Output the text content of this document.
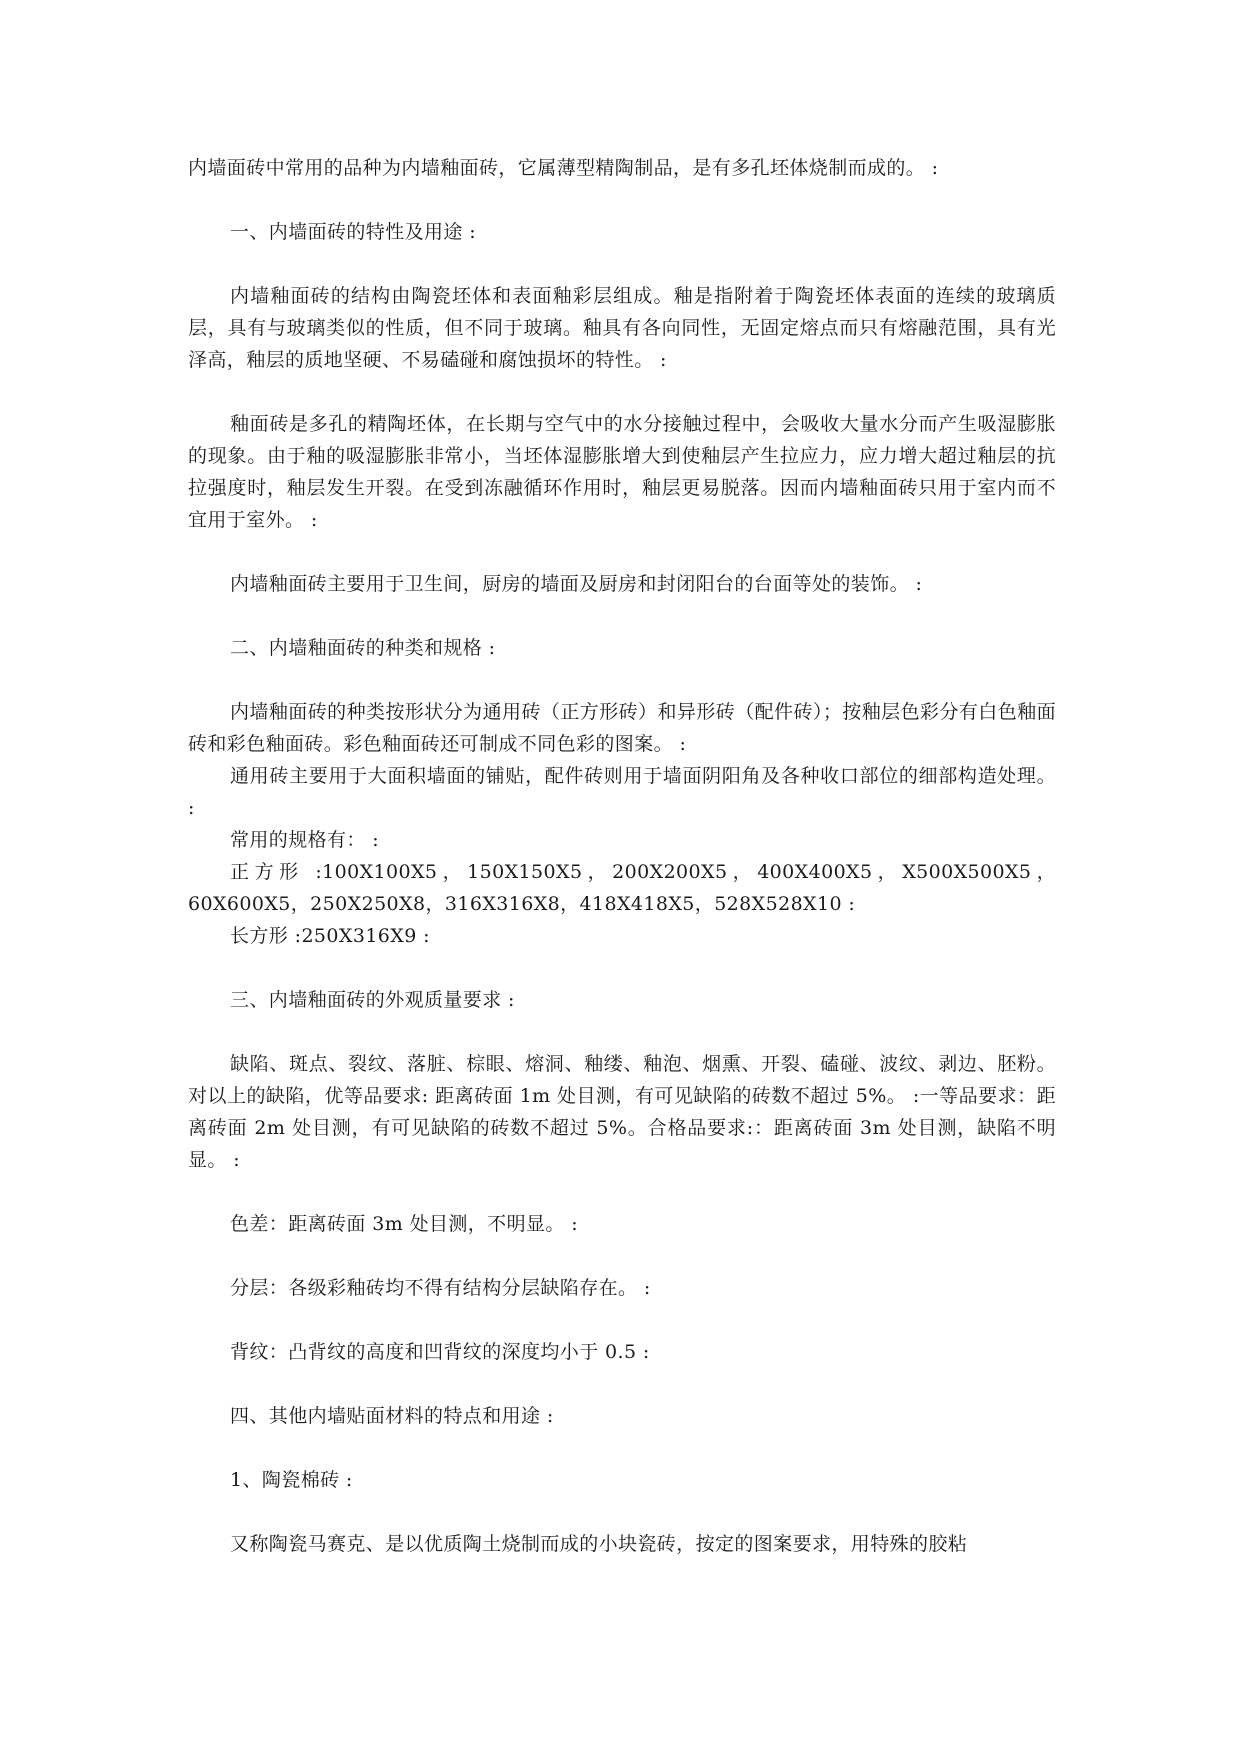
内墙面砖中常用的品种为内墙釉面砖，它属薄型精陶制品，是有多孔坯体烧制而成的。 :

一、内墙面砖的特性及用途 :

内墙釉面砖的结构由陶瓷坯体和表面釉彩层组成。釉是指附着于陶瓷坯体表面的连续的玻璃质层，具有与玻璃类似的性质，但不同于玻璃。釉具有各向同性，无固定熔点而只有熔融范围，具有光泽高，釉层的质地坚硬、不易磕碰和腐蚀损坏的特性。 :

釉面砖是多孔的精陶坯体，在长期与空气中的水分接触过程中，会吸收大量水分而产生吸湿膨胀的现象。由于釉的吸湿膨胀非常小，当坯体湿膨胀增大到使釉层产生拉应力，应力增大超过釉层的抗拉强度时，釉层发生开裂。在受到冻融循环作用时，釉层更易脱落。因而内墙釉面砖只用于室内而不宜用于室外。 :

内墙釉面砖主要用于卫生间，厨房的墙面及厨房和封闭阳台的台面等处的装饰。 :

二、内墙釉面砖的种类和规格 :

内墙釉面砖的种类按形状分为通用砖（正方形砖）和异形砖（配件砖）；按釉层色彩分有白色釉面砖和彩色釉面砖。彩色釉面砖还可制成不同色彩的图案。 :

通用砖主要用于大面积墙面的铺贴，配件砖则用于墙面阴阳角及各种收口部位的细部构造处理。 :

常用的规格有： :

正方形 :100X100X5，150X150X5，200X200X5，400X400X5，X500X500X5，60X600X5，250X250X8，316X316X8，418X418X5，528X528X10 :

长方形 :250X316X9 :

三、内墙釉面砖的外观质量要求 :

缺陷、斑点、裂纹、落脏、棕眼、熔洞、釉缕、釉泡、烟熏、开裂、磕碰、波纹、剥边、胚粉。对以上的缺陷，优等品要求: 距离砖面 1m 处目测，有可见缺陷的砖数不超过 5%。 :一等品要求：距离砖面 2m 处目测，有可见缺陷的砖数不超过 5%。合格品要求:：距离砖面 3m 处目测，缺陷不明显。 :

色差：距离砖面 3m 处目测，不明显。 :

分层：各级彩釉砖均不得有结构分层缺陷存在。 :

背纹：凸背纹的高度和凹背纹的深度均小于 0.5 :

四、其他内墙贴面材料的特点和用途 :

1、陶瓷棉砖 :

又称陶瓷马赛克、是以优质陶土烧制而成的小块瓷砖，按定的图案要求，用特殊的胶粘
